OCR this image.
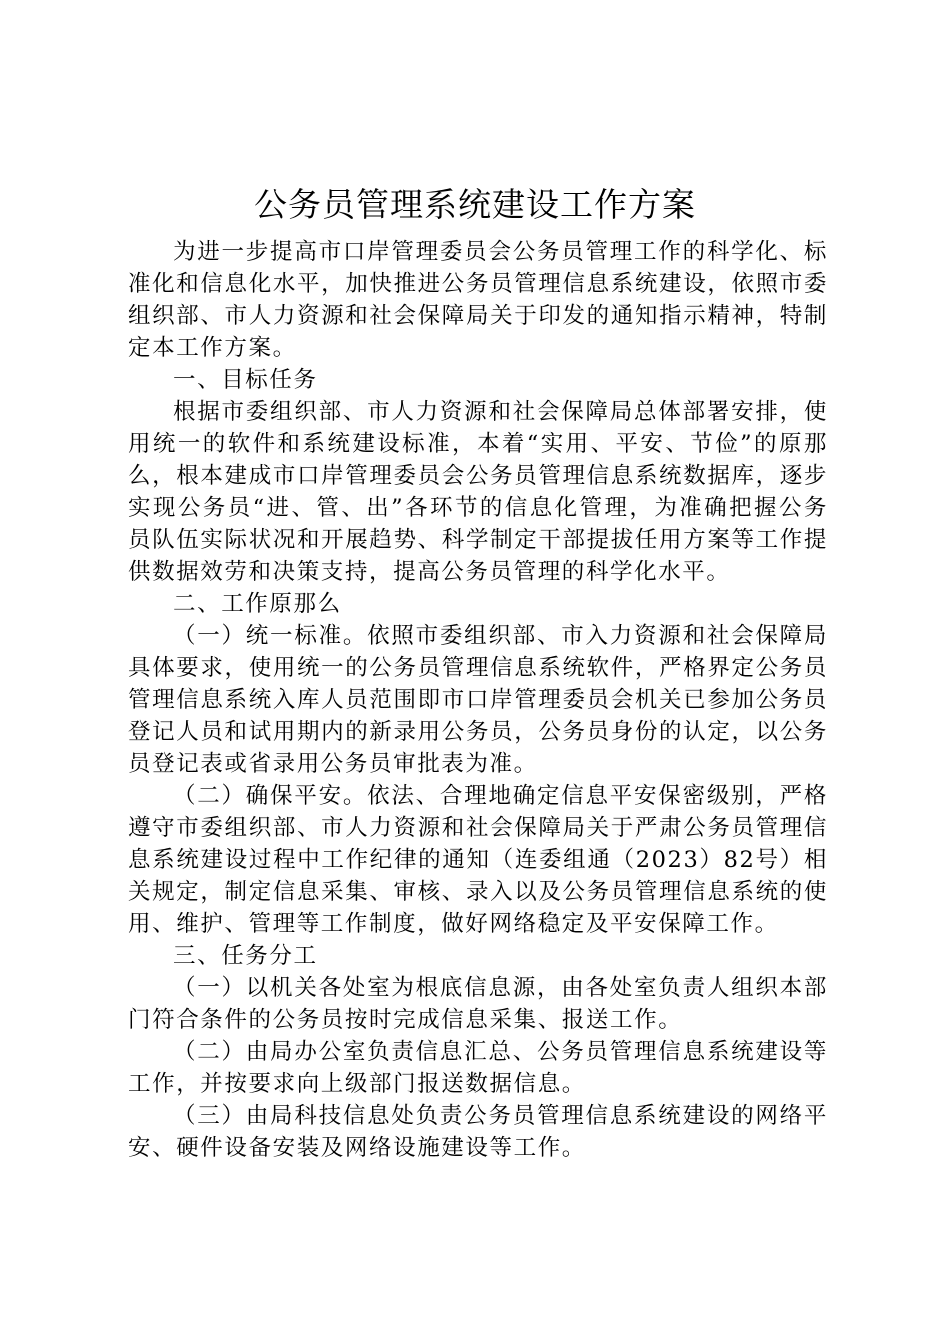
公务员管理系统建设工作方案

为进一步提高市口岸管理委员会公务员管理工作的科学化、标准化和信息化水平，加快推进公务员管理信息系统建设，依照市委组织部、市人力资源和社会保障局关于印发的通知指示精神，特制定本工作方案。

一、目标任务

根据市委组织部、市人力资源和社会保障局总体部署安排，使用统一的软件和系统建设标准，本着“实用、平安、节俭”的原那么，根本建成市口岸管理委员会公务员管理信息系统数据库，逐步实现公务员“进、管、出”各环节的信息化管理，为准确把握公务员队伍实际状况和开展趋势、科学制定干部提拔任用方案等工作提供数据效劳和决策支持，提高公务员管理的科学化水平。

二、工作原那么

（一）统一标准。依照市委组织部、市入力资源和社会保障局具体要求，使用统一的公务员管理信息系统软件，严格界定公务员管理信息系统入库人员范围即市口岸管理委员会机关已参加公务员登记人员和试用期内的新录用公务员，公务员身份的认定，以公务员登记表或省录用公务员审批表为准。

（二）确保平安。依法、合理地确定信息平安保密级别，严格遵守市委组织部、市人力资源和社会保障局关于严肃公务员管理信息系统建设过程中工作纪律的通知（连委组通（2023）82号）相关规定，制定信息采集、审核、录入以及公务员管理信息系统的使用、维护、管理等工作制度，做好网络稳定及平安保障工作。

三、任务分工

（一）以机关各处室为根底信息源，由各处室负责人组织本部门符合条件的公务员按时完成信息采集、报送工作。

（二）由局办公室负责信息汇总、公务员管理信息系统建设等工作，并按要求向上级部门报送数据信息。

（三）由局科技信息处负责公务员管理信息系统建设的网络平安、硬件设备安装及网络设施建设等工作。
